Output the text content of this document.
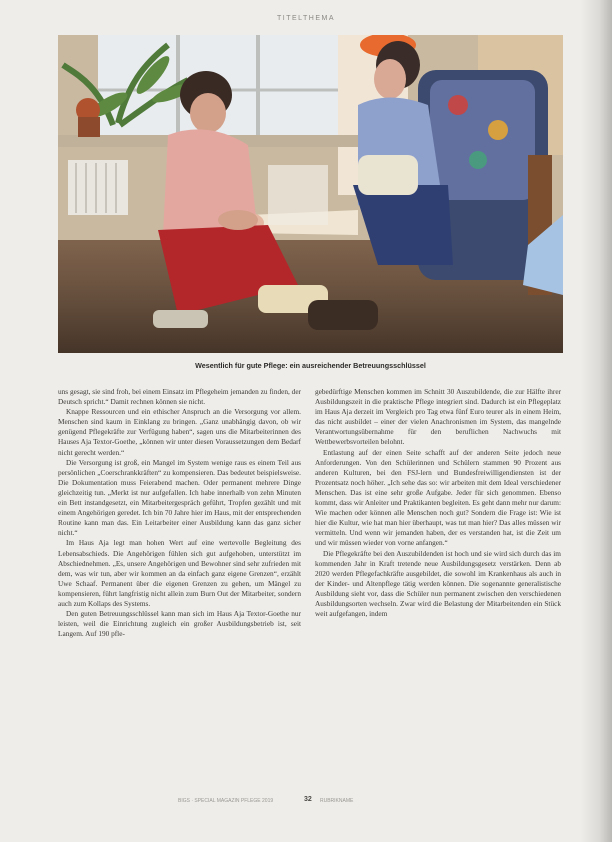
TITELTHEMA
Wesentlich für gute Pflege: ein ausreichender Betreuungsschlüssel

uns gesagt, sie sind froh, bei einem Einsatz im Pflegeheim jemanden zu finden, der Deutsch spricht.“ Damit rechnen können sie nicht.

Knappe Ressourcen und ein ethischer Anspruch an die Versorgung vor allem. Menschen sind kaum in Einklang zu bringen. „Ganz unabhängig davon, ob wir genügend Pflegekräfte zur Verfügung haben“, sagen uns die Mitarbeiterinnen des Hauses Aja Textor-Goethe, „können wir unter diesen Voraussetzungen dem Bedarf nicht gerecht werden.“

Die Versorgung ist groß, ein Mangel im System wenige raus es einem Teil aus persönlichen „Coerschrankkräften“ zu kompensieren. Das bedeutet beispielsweise. Die Dokumentation muss Feierabend machen. Oder permanent mehrere Dinge gleichzeitig tun. „Merkt ist nur aufgefallen. Ich habe innerhalb von zehn Minuten ein Bett instandgesetzt, ein Mitarbeitergespräch geführt, Tropfen gezählt und mit einem Angehörigen geredet. Ich bin 70 Jahre hier im Haus, mit der entsprechenden Routine kann man das. Ein Leitarbeiter einer Ausbildung kann das ganz sicher nicht.“

Im Haus Aja legt man hohen Wert auf eine wertevolle Begleitung des Lebensabschieds. Die Angehörigen fühlen sich gut aufgehoben, unterstützt im Abschiednehmen. „Es, unsere Angehörigen und Bewohner sind sehr zufrieden mit dem, was wir tun, aber wir kommen an da einfach ganz eigene Grenzen“, erzählt Uwe Schaaf. Permanent über die eigenen Grenzen zu gehen, um Mängel zu kompensieren, führt langfristig nicht allein zum Burn Out der Mitarbeiter, sondern auch zum Kollaps des Systems.

Den guten Betreuungsschlüssel kann man sich im Haus Aja Textor-Goethe nur leisten, weil die Einrichtung zugleich ein großer Ausbildungsbetrieb ist, seit Langem. Auf 190 pfle-

gebedürftige Menschen kommen im Schnitt 30 Auszubildende, die zur Hälfte ihrer Ausbildungszeit in die praktische Pflege integriert sind. Dadurch ist ein Pflegeplatz im Haus Aja derzeit im Vergleich pro Tag etwa fünf Euro teurer als in einem Heim, das nicht ausbildet – einer der vielen Anachronismen im System, das mangelnde Verantwortungsübernahme für den beruflichen Nachwuchs mit Wettbewerbsvorteilen belohnt.

Entlastung auf der einen Seite schafft auf der anderen Seite jedoch neue Anforderungen. Von den Schülerinnen und Schülern stammen 90 Prozent aus anderen Kulturen, bei den FSJ-lern und Bundesfreiwilligendiensten ist der Prozentsatz noch höher. „Ich sehe das so: wir arbeiten mit dem Ideal verschiedener Menschen. Das ist eine sehr große Aufgabe. Jeder für sich genommen. Ebenso kommt, dass wir Anleiter und Praktikanten begleiten. Es geht dann mehr nur darum: Wie machen oder können alle Menschen noch gut? Sondern die Frage ist: Wie ist hier die Kultur, wie hat man hier überhaupt, was tut man hier? Das alles müssen wir vermitteln. Und wenn wir jemanden haben, der es verstanden hat, ist die Zeit um und wir müssen wieder von vorne anfangen.“

Die Pflegekräfte bei den Auszubildenden ist hoch und sie wird sich durch das im kommenden Jahr in Kraft tretende neue Ausbildungsgesetz verstärken. Denn ab 2020 werden Pflegefachkräfte ausgebildet, die sowohl im Krankenhaus als auch in der Kinder- und Altenpflege tätig werden können. Die sogenannte generalistische Ausbildung sieht vor, dass die Schüler nun permanent zwischen den verschiedenen Ausbildungsorten wechseln. Zwar wird die Belastung der Mitarbeitenden ein Stück weit aufgefangen, indem

BIGS · SPECIAL MAGAZIN PFLEGE 2019	32 RUBRIKNAME
